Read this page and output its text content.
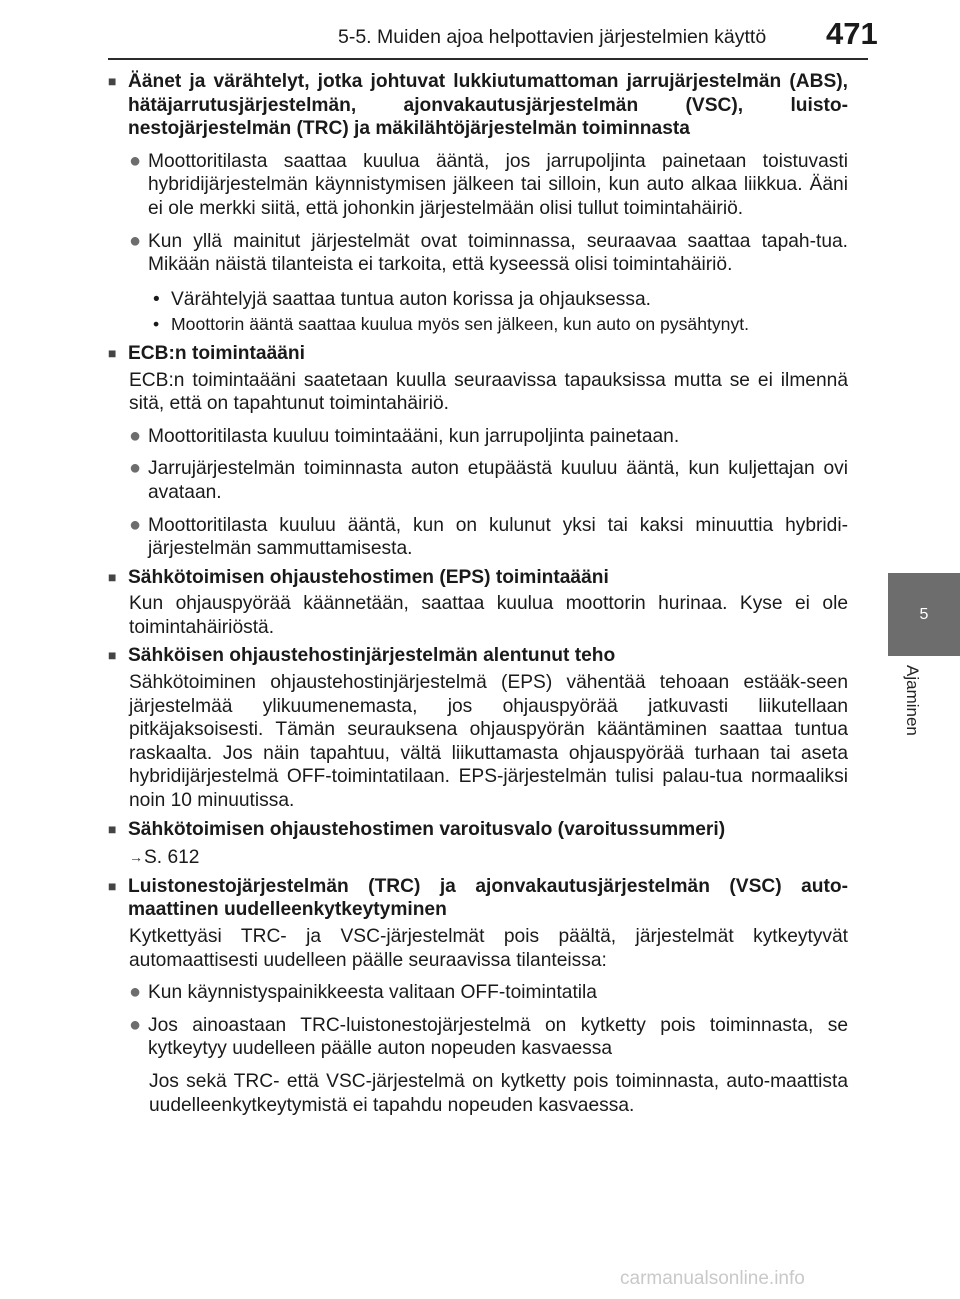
5-5. Muiden ajoa helpottavien järjestelmien käyttö 471
5
Ajaminen
■ Äänet ja värähtelyt, jotka johtuvat lukkiutumattoman jarrujärjestelmän (ABS), hätäjarrutusjärjestelmän, ajonvakautusjärjestelmän (VSC), luisto-nestojärjestelmän (TRC) ja mäkilähtöjärjestelmän toiminnasta
● Moottoritilasta saattaa kuulua ääntä, jos jarrupoljinta painetaan toistuvasti hybridijärjestelmän käynnistymisen jälkeen tai silloin, kun auto alkaa liikkua. Ääni ei ole merkki siitä, että johonkin järjestelmään olisi tullut toimintahäiriö.
● Kun yllä mainitut järjestelmät ovat toiminnassa, seuraavaa saattaa tapah-tua. Mikään näistä tilanteista ei tarkoita, että kyseessä olisi toimintahäiriö.
• Värähtelyjä saattaa tuntua auton korissa ja ohjauksessa.
• Moottorin ääntä saattaa kuulua myös sen jälkeen, kun auto on pysähtynyt.
■ ECB:n toimintaääni
ECB:n toimintaääni saatetaan kuulla seuraavissa tapauksissa mutta se ei ilmennä sitä, että on tapahtunut toimintahäiriö.
● Moottoritilasta kuuluu toimintaääni, kun jarrupoljinta painetaan.
● Jarrujärjestelmän toiminnasta auton etupäästä kuuluu ääntä, kun kuljettajan ovi avataan.
● Moottoritilasta kuuluu ääntä, kun on kulunut yksi tai kaksi minuuttia hybridi-järjestelmän sammuttamisesta.
■ Sähkötoimisen ohjaustehostimen (EPS) toimintaääni
Kun ohjauspyörää käännetään, saattaa kuulua moottorin hurinaa. Kyse ei ole toimintahäiriöstä.
■ Sähköisen ohjaustehostinjärjestelmän alentunut teho
Sähkötoiminen ohjaustehostinjärjestelmä (EPS) vähentää tehoaan estääk-seen järjestelmää ylikuumenemasta, jos ohjauspyörää jatkuvasti liikutellaan pitkäjaksoisesti. Tämän seurauksena ohjauspyörän kääntäminen saattaa tuntua raskaalta. Jos näin tapahtuu, vältä liikuttamasta ohjauspyörää turhaan tai aseta hybridijärjestelmä OFF-toimintatilaan. EPS-järjestelmän tulisi palau-tua normaaliksi noin 10 minuutissa.
■ Sähkötoimisen ohjaustehostimen varoitusvalo (varoitussummeri)
→ S. 612
■ Luistonestojärjestelmän (TRC) ja ajonvakautusjärjestelmän (VSC) auto-maattinen uudelleenkytkeytyminen
Kytkettyäsi TRC- ja VSC-järjestelmät pois päältä, järjestelmät kytkeytyvät automaattisesti uudelleen päälle seuraavissa tilanteissa:
● Kun käynnistyspainikkeesta valitaan OFF-toimintatila
● Jos ainoastaan TRC-luistonestojärjestelmä on kytketty pois toiminnasta, se kytkeytyy uudelleen päälle auton nopeuden kasvaessa
Jos sekä TRC- että VSC-järjestelmä on kytketty pois toiminnasta, auto-maattista uudelleenkytkeytymistä ei tapahdu nopeuden kasvaessa.
carmanualsonline.info
